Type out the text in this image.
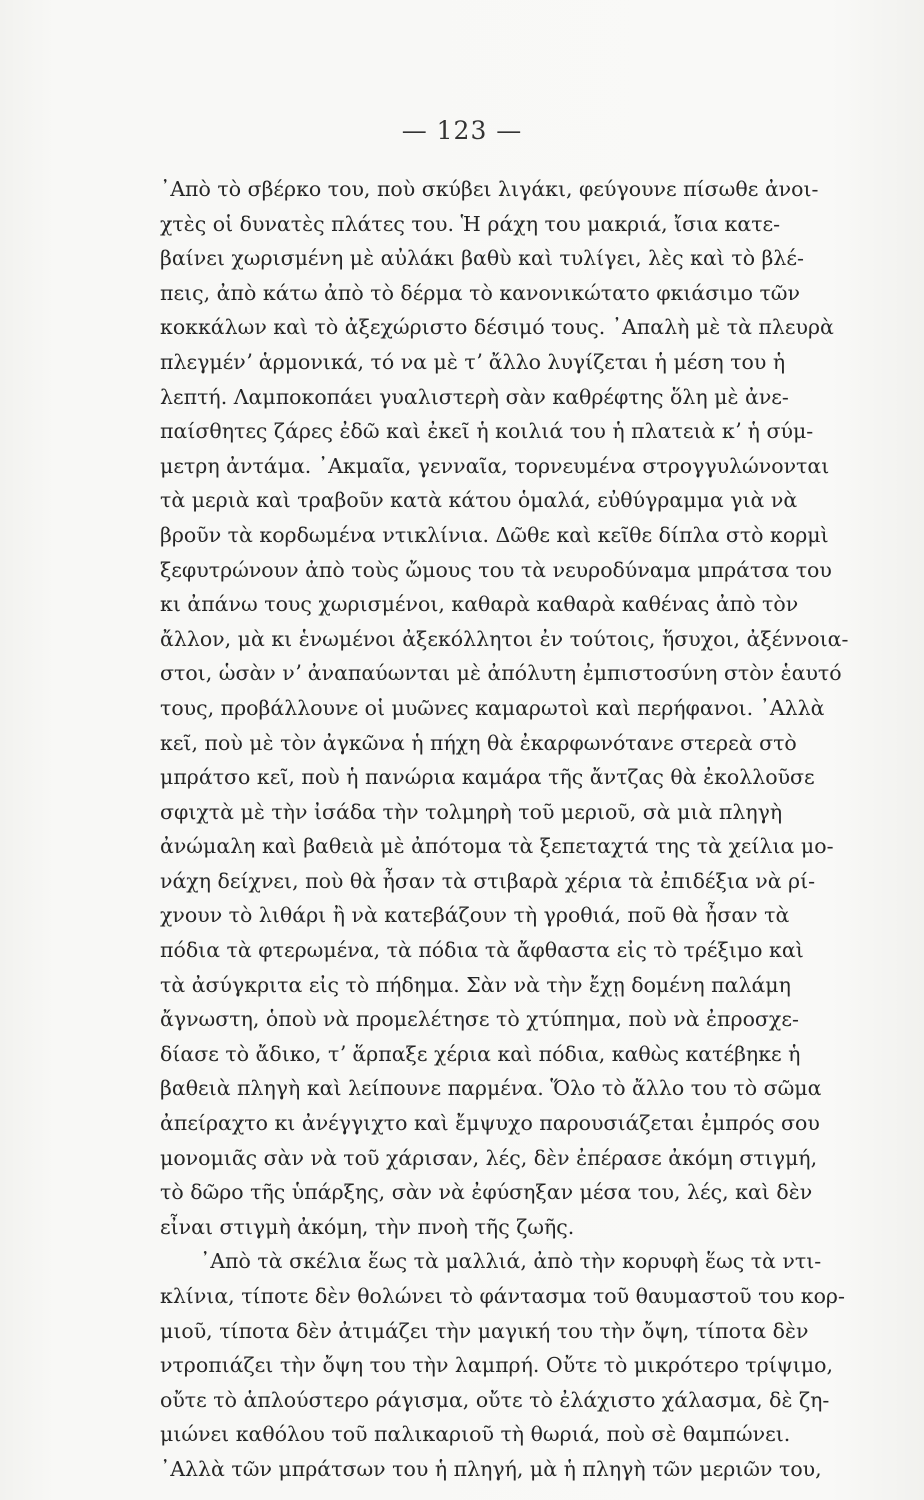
— 123 —
᾿Απὸ τὸ σβέρκο του, ποὺ σκύβει λιγάκι, φεύγουνε πίσωθε ἀνοι-
χτὲς οἱ δυνατὲς πλάτες του. Ἡ ράχη του μακριά, ἴσια κατε-
βαίνει χωρισμένη μὲ αὐλάκι βαθὺ καὶ τυλίγει, λὲς καὶ τὸ βλέ-
πεις, ἀπὸ κάτω ἀπὸ τὸ δέρμα τὸ κανονικώτατο φκιάσιμο τῶν
κοκκάλων καὶ τὸ ἀξεχώριστο δέσιμό τους. ᾿Απαλὴ μὲ τὰ πλευρὰ
πλεγμένʼ ἁρμονικά, τό να μὲ τʼ ἄλλο λυγίζεται ἡ μέση του ἡ
λεπτή. Λαμποκοπάει γυαλιστερὴ σὰν καθρέφτης ὅλη μὲ ἀνε-
παίσθητες ζάρες ἐδῶ καὶ ἐκεῖ ἡ κοιλιά του ἡ πλατειὰ κʼ ἡ σύμ-
μετρη ἀντάμα. ᾿Ακμαῖα, γενναῖα, τορνευμένα στρογγυλώνονται
τὰ μεριὰ καὶ τραβοῦν κατὰ κάτου ὁμαλά, εὐθύγραμμα γιὰ νὰ
βροῦν τὰ κορδωμένα ντικλίνια. Δῶθε καὶ κεῖθε δίπλα στὸ κορμὶ
ξεφυτρώνουν ἀπὸ τοὺς ὤμους του τὰ νευροδύναμα μπράτσα του
κι ἀπάνω τους χωρισμένοι, καθαρὰ καθαρὰ καθένας ἀπὸ τὸν
ἄλλον, μὰ κι ἑνωμένοι ἀξεκόλλητοι ἐν τούτοις, ἥσυχοι, ἀξέννοια-
στοι, ὡσὰν νʼ ἀναπαύωνται μὲ ἀπόλυτη ἐμπιστοσύνη στὸν ἑαυτό
τους, προβάλλουνε οἱ μυῶνες καμαρωτοὶ καὶ περήφανοι. ᾿Αλλὰ
κεῖ, ποὺ μὲ τὸν ἀγκῶνα ἡ πήχη θὰ ἐκαρφωνότανε στερεὰ στὸ
μπράτσο κεῖ, ποὺ ἡ πανώρια καμάρα τῆς ἄντζας θὰ ἐκολλοῦσε
σφιχτὰ μὲ τὴν ἰσάδα τὴν τολμηρὴ τοῦ μεριοῦ, σὰ μιὰ πληγὴ
ἀνώμαλη καὶ βαθειὰ μὲ ἀπότομα τὰ ξεπεταχτά της τὰ χείλια μο-
νάχη δείχνει, ποὺ θὰ ἦσαν τὰ στιβαρὰ χέρια τὰ ἐπιδέξια νὰ ρί-
χνουν τὸ λιθάρι ἢ νὰ κατεβάζουν τὴ γροθιά, ποῦ θὰ ἦσαν τὰ
πόδια τὰ φτερωμένα, τὰ πόδια τὰ ἄφθαστα εἰς τὸ τρέξιμο καὶ
τὰ ἀσύγκριτα εἰς τὸ πήδημα. Σὰν νὰ τὴν ἔχῃ δομένη παλάμη
ἄγνωστη, ὁποὺ νὰ προμελέτησε τὸ χτύπημα, ποὺ νὰ ἐπροσχε-
δίασε τὸ ἄδικο, τʼ ἅρπαξε χέρια καὶ πόδια, καθὼς κατέβηκε ἡ
βαθειὰ πληγὴ καὶ λείπουνε παρμένα. Ὅλο τὸ ἄλλο του τὸ σῶμα
ἀπείραχτο κι ἀνέγγιχτο καὶ ἔμψυχο παρουσιάζεται ἐμπρός σου
μονομιᾶς σὰν νὰ τοῦ χάρισαν, λές, δὲν ἐπέρασε ἀκόμη στιγμή,
τὸ δῶρο τῆς ὑπάρξης, σὰν νὰ ἐφύσηξαν μέσα του, λές, καὶ δὲν
εἶναι στιγμὴ ἀκόμη, τὴν πνοὴ τῆς ζωῆς.
᾿Απὸ τὰ σκέλια ἕως τὰ μαλλιά, ἀπὸ τὴν κορυφὴ ἕως τὰ ντι-
κλίνια, τίποτε δὲν θολώνει τὸ φάντασμα τοῦ θαυμαστοῦ του κορ-
μιοῦ, τίποτα δὲν ἀτιμάζει τὴν μαγική του τὴν ὄψη, τίποτα δὲν
ντροπιάζει τὴν ὄψη του τὴν λαμπρή. Οὔτε τὸ μικρότερο τρίψιμο,
οὔτε τὸ ἁπλούστερο ράγισμα, οὔτε τὸ ἐλάχιστο χάλασμα, δὲ ζη-
μιώνει καθόλου τοῦ παλικαριοῦ τὴ θωριά, ποὺ σὲ θαμπώνει.
᾿Αλλὰ τῶν μπράτσων του ἡ πληγή, μὰ ἡ πληγὴ τῶν μεριῶν του,
